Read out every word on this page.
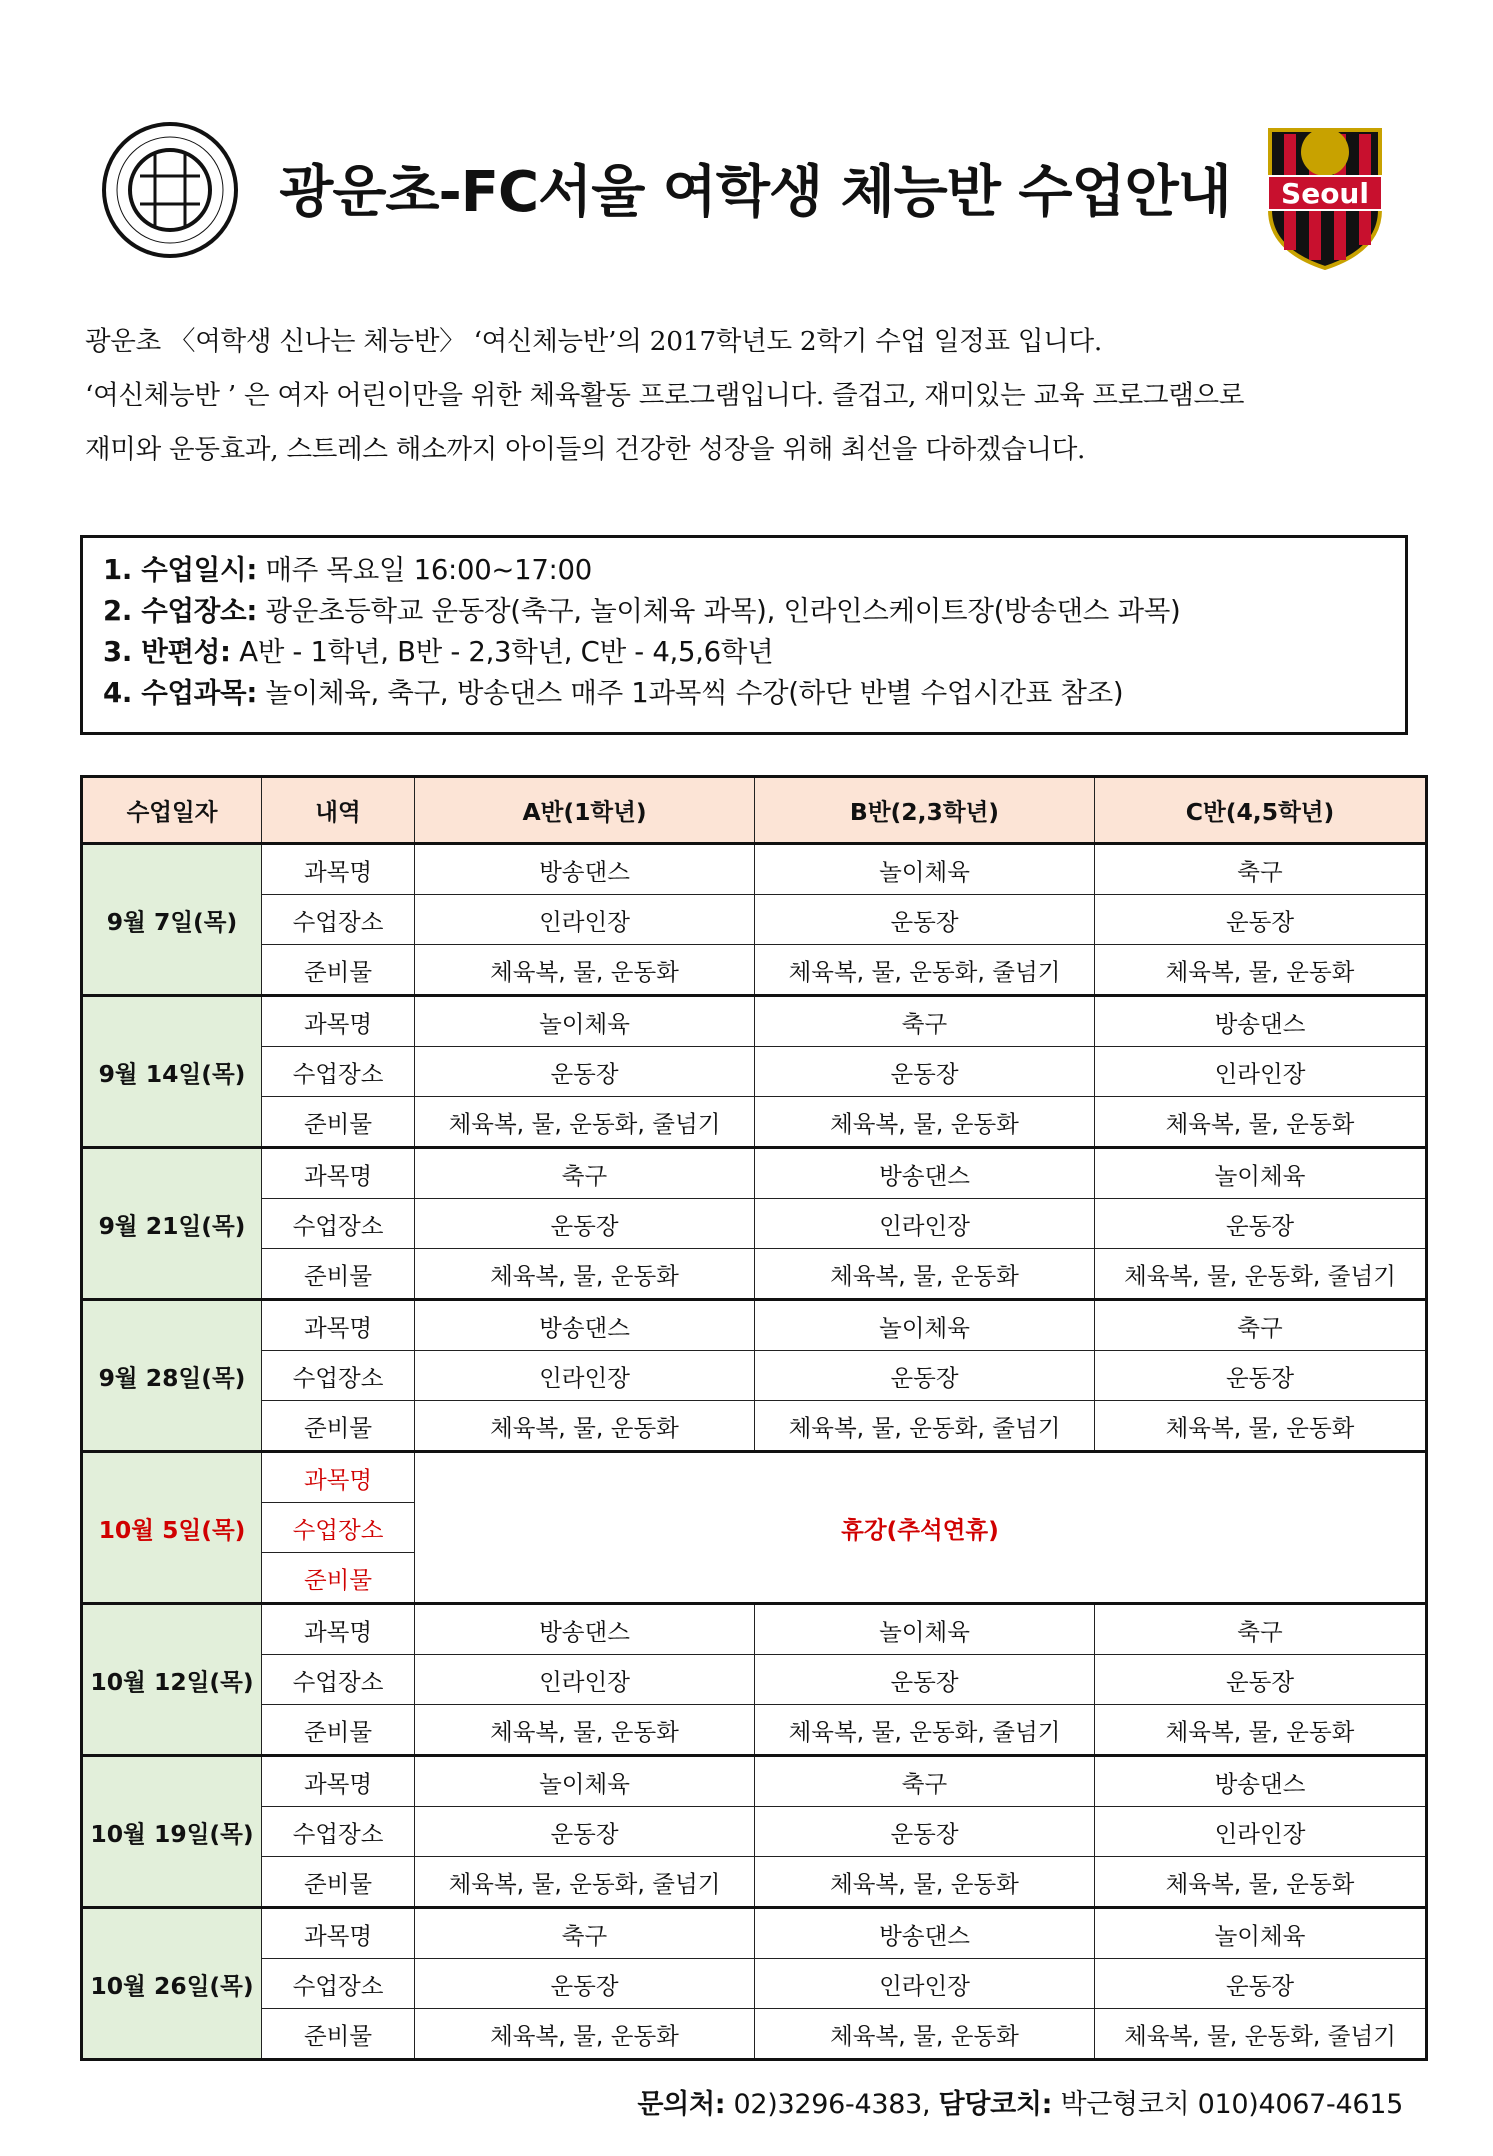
광운초-FC서울 여학생 체능반 수업안내	Seoul

광운초 〈여학생 신나는 체능반〉 ‘여신체능반’의 2017학년도 2학기 수업 일정표 입니다.

‘여신체능반 ’ 은 여자 어린이만을 위한 체육활동 프로그램입니다. 즐겁고, 재미있는 교육 프로그램으로

재미와 운동효과, 스트레스 해소까지 아이들의 건강한 성장을 위해 최선을 다하겠습니다.

1. 수업일시: 매주 목요일 16:00~17:00
2. 수업장소: 광운초등학교 운동장(축구, 놀이체육 과목), 인라인스케이트장(방송댄스 과목)
3. 반편성: A반 - 1학년, B반 - 2,3학년, C반 - 4,5,6학년
4. 수업과목: 놀이체육, 축구, 방송댄스 매주 1과목씩 수강(하단 반별 수업시간표 참조)
수업일자	내역	A반(1학년)	B반(2,3학년)	C반(4,5학년)
9월 7일(목)	과목명	방송댄스	놀이체육	축구
	수업장소	인라인장	운동장	운동장
	준비물	체육복, 물, 운동화	체육복, 물, 운동화, 줄넘기	체육복, 물, 운동화
9월 14일(목)	과목명	놀이체육	축구	방송댄스
	수업장소	운동장	운동장	인라인장
	준비물	체육복, 물, 운동화, 줄넘기	체육복, 물, 운동화	체육복, 물, 운동화
9월 21일(목)	과목명	축구	방송댄스	놀이체육
	수업장소	운동장	인라인장	운동장
	준비물	체육복, 물, 운동화	체육복, 물, 운동화	체육복, 물, 운동화, 줄넘기
9월 28일(목)	과목명	방송댄스	놀이체육	축구
	수업장소	인라인장	운동장	운동장
	준비물	체육복, 물, 운동화	체육복, 물, 운동화, 줄넘기	체육복, 물, 운동화
10월 5일(목)	과목명	휴강(추석연휴)		
	수업장소			
	준비물			
10월 12일(목)	과목명	방송댄스	놀이체육	축구
	수업장소	인라인장	운동장	운동장
	준비물	체육복, 물, 운동화	체육복, 물, 운동화, 줄넘기	체육복, 물, 운동화
10월 19일(목)	과목명	놀이체육	축구	방송댄스
	수업장소	운동장	운동장	인라인장
	준비물	체육복, 물, 운동화, 줄넘기	체육복, 물, 운동화	체육복, 물, 운동화
10월 26일(목)	과목명	축구	방송댄스	놀이체육
	수업장소	운동장	인라인장	운동장
	준비물	체육복, 물, 운동화	체육복, 물, 운동화	체육복, 물, 운동화, 줄넘기
문의처: 02)3296-4383, 담당코치: 박근형코치 010)4067-4615
